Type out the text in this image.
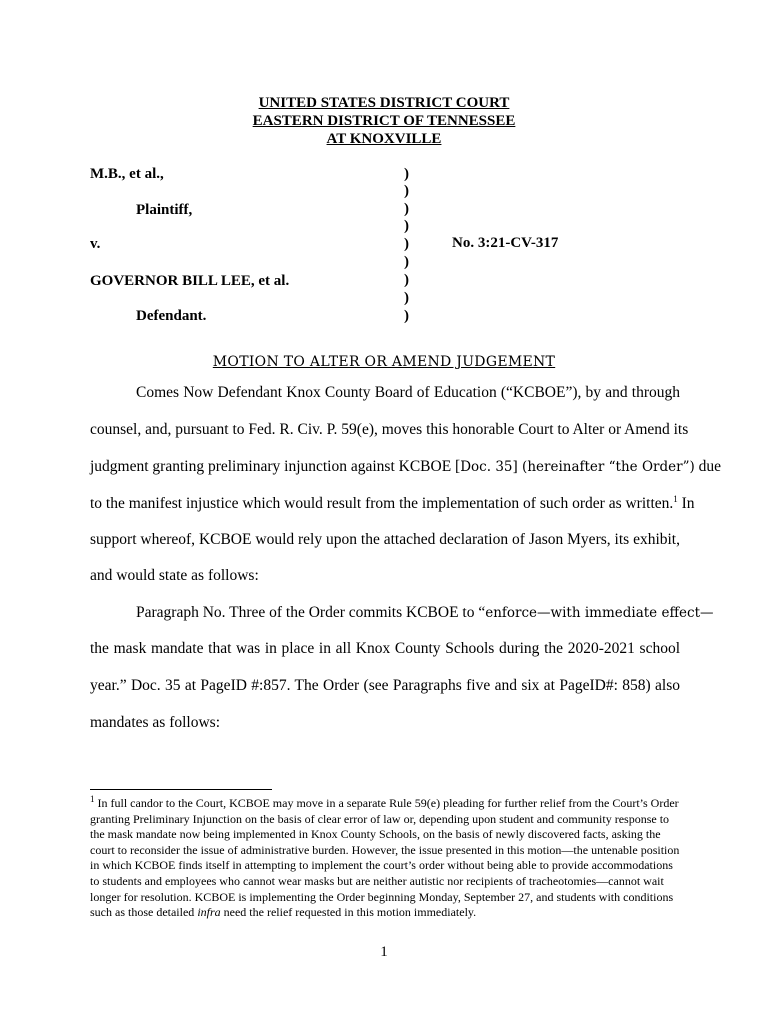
UNITED STATES DISTRICT COURT
EASTERN DISTRICT OF TENNESSEE
AT KNOXVILLE
M.B., et al.,
Plaintiff,
v.
GOVERNOR BILL LEE, et al.
Defendant.
)
)
)
)
)
)
)
)
)
No. 3:21-CV-317
MOTION TO ALTER OR AMEND JUDGEMENT
Comes Now Defendant Knox County Board of Education (“KCBOE”), by and through
counsel, and, pursuant to Fed. R. Civ. P. 59(e), moves this honorable Court to Alter or Amend its
judgment granting preliminary injunction against KCBOE [Doc. 35] (hereinafter “the Order”) due
to the manifest injustice which would result from the implementation of such order as written.$^1$ In
support whereof, KCBOE would rely upon the attached declaration of Jason Myers, its exhibit,
and would state as follows:
Paragraph No. Three of the Order commits KCBOE to “enforce—with immediate effect—
the mask mandate that was in place in all Knox County Schools during the 2020-2021 school
year.” Doc. 35 at PageID #:857. The Order (see Paragraphs five and six at PageID#: 858) also
mandates as follows:

$^1$ In full candor to the Court, KCBOE may move in a separate Rule 59(e) pleading for further relief from the Court’s Order granting Preliminary Injunction on the basis of clear error of law or, depending upon student and community response to the mask mandate now being implemented in Knox County Schools, on the basis of newly discovered facts, asking the court to reconsider the issue of administrative burden. However, the issue presented in this motion—the untenable position in which KCBOE finds itself in attempting to implement the court’s order without being able to provide accommodations to students and employees who cannot wear masks but are neither autistic nor recipients of tracheotomies—cannot wait longer for resolution. KCBOE is implementing the Order beginning Monday, September 27, and students with conditions such as those detailed infra need the relief requested in this motion immediately.

1
